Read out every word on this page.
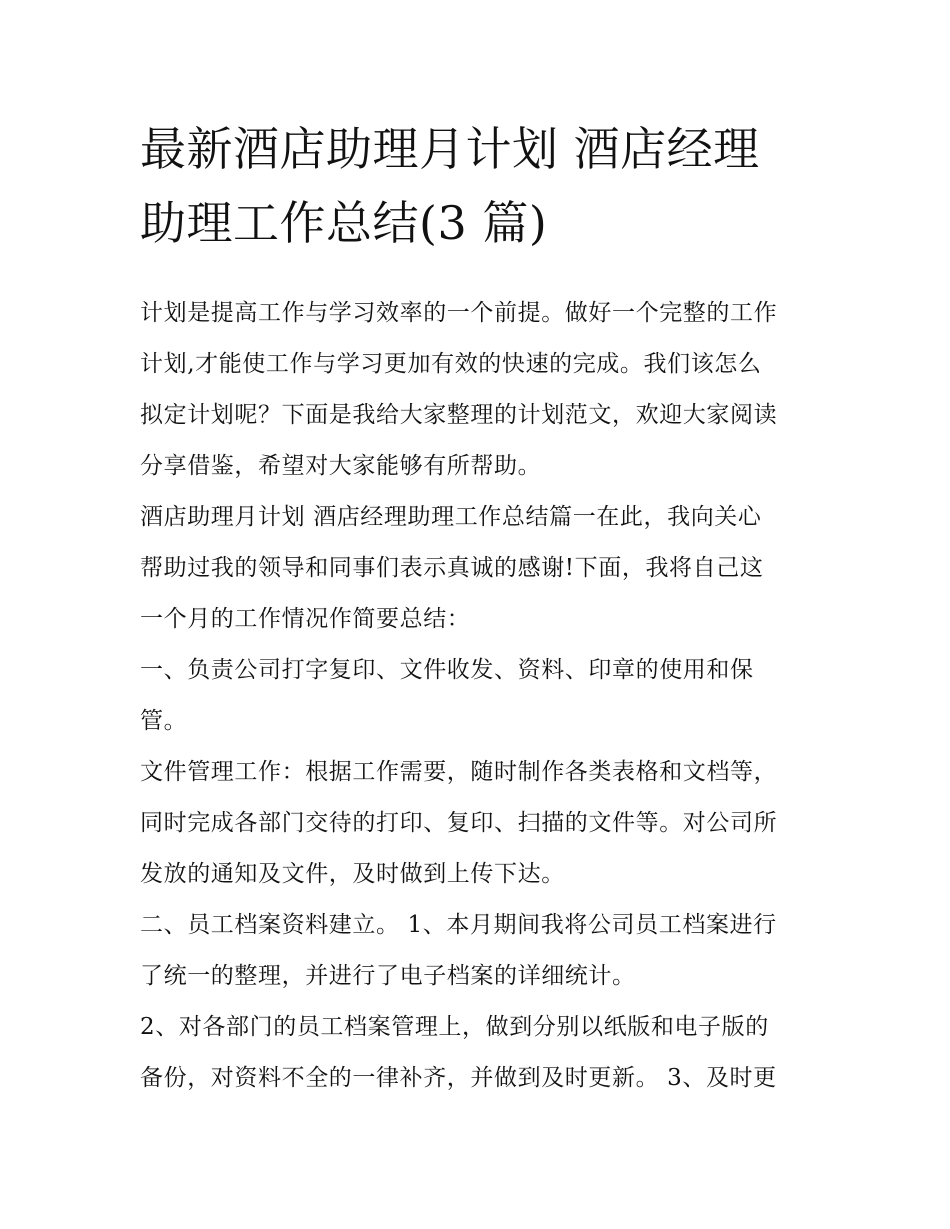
最新酒店助理月计划 酒店经理
助理工作总结(3 篇)

计划是提高工作与学习效率的一个前提。做好一个完整的工作
计划,才能使工作与学习更加有效的快速的完成。我们该怎么
拟定计划呢？下面是我给大家整理的计划范文，欢迎大家阅读
分享借鉴，希望对大家能够有所帮助。

酒店助理月计划 酒店经理助理工作总结篇一在此，我向关心
帮助过我的领导和同事们表示真诚的感谢!下面，我将自己这
一个月的工作情况作简要总结：

一、负责公司打字复印、文件收发、资料、印章的使用和保
管。

文件管理工作：根据工作需要，随时制作各类表格和文档等，
同时完成各部门交待的打印、复印、扫描的文件等。对公司所
发放的通知及文件，及时做到上传下达。

二、员工档案资料建立。 1、本月期间我将公司员工档案进行
了统一的整理，并进行了电子档案的详细统计。

2、对各部门的员工档案管理上，做到分别以纸版和电子版的
备份，对资料不全的一律补齐，并做到及时更新。 3、及时更
